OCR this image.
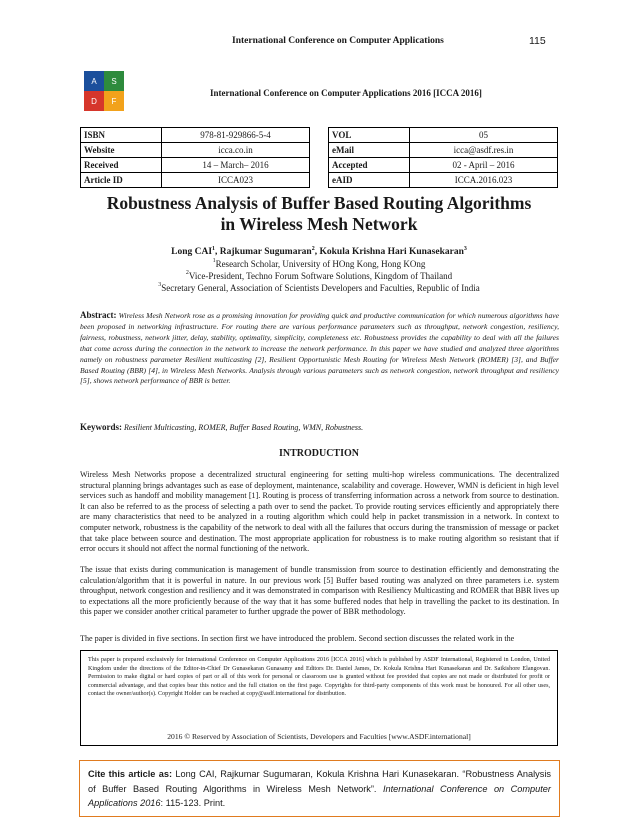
International Conference on Computer Applications	115
A	S
D	F
International Conference on Computer Applications 2016 [ICCA 2016]
ISBN	978-81-929866-5-4
Website	icca.co.in
Received	14 – March– 2016
Article ID	ICCA023
VOL	05
eMail	icca@asdf.res.in
Accepted	02 - April – 2016
eAID	ICCA.2016.023
Robustness Analysis of Buffer Based Routing Algorithms
in Wireless Mesh Network
Long CAI$^1$, Rajkumar Sugumaran$^2$, Kokula Krishna Hari Kunasekaran$^3$
$^1$Research Scholar, University of HOng Kong, Hong KOng
$^2$Vice-President, Techno Forum Software Solutions, Kingdom of Thailand
$^3$Secretary General, Association of Scientists Developers and Faculties, Republic of India
Abstract: Wireless Mesh Network rose as a promising innovation for providing quick and productive communication for which numerous algorithms have been proposed in networking infrastructure. For routing there are various performance parameters such as throughput, network congestion, resiliency, fairness, robustness, network jitter, delay, stability, optimality, simplicity, completeness etc. Robustness provides the capability to deal with all the failures that come across during the connection in the network to increase the network performance. In this paper we have studied and analyzed three algorithms namely on robustness parameter Resilient multicasting [2], Resilient Opportunistic Mesh Routing for Wireless Mesh Network (ROMER) [3], and Buffer Based Routing (BBR) [4], in Wireless Mesh Networks. Analysis through various parameters such as network congestion, network throughput and resiliency [5], shows network performance of BBR is better.
Keywords: Resilient Multicasting, ROMER, Buffer Based Routing, WMN, Robustness.
INTRODUCTION
Wireless Mesh Networks propose a decentralized structural engineering for setting multi-hop wireless communications. The decentralized structural planning brings advantages such as ease of deployment, maintenance, scalability and coverage. However, WMN is deficient in high level services such as handoff and mobility management [1]. Routing is process of transferring information across a network from source to destination. It can also be referred to as the process of selecting a path over to send the packet. To provide routing services efficiently and appropriately there are many characteristics that need to be analyzed in a routing algorithm which could help in packet transmission in a network. In context to computer network, robustness is the capability of the network to deal with all the failures that occurs during the transmission of message or packet that take place between source and destination. The most appropriate application for robustness is to make routing algorithm so resistant that if error occurs it should not affect the normal functioning of the network.
The issue that exists during communication is management of bundle transmission from source to destination efficiently and demonstrating the calculation/algorithm that it is powerful in nature. In our previous work [5] Buffer based routing was analyzed on three parameters i.e. system throughput, network congestion and resiliency and it was demonstrated in comparison with Resiliency Multicasting and ROMER that BBR lives up to expectations all the more proficiently because of the way that it has some buffered nodes that help in travelling the packet to its destination. In this paper we consider another critical parameter to further upgrade the power of BBR methodology.
The paper is divided in five sections. In section first we have introduced the problem. Second section discusses the related work in the
This paper is prepared exclusively for International Conference on Computer Applications 2016 [ICCA 2016] which is published by ASDF International, Registered in London, United Kingdom under the directions of the Editor-in-Chief Dr Gunasekaran Gunasamy and Editors Dr. Daniel James, Dr. Kokula Krishna Hari Kunasekaran and Dr. Saikishore Elangovan. Permission to make digital or hard copies of part or all of this work for personal or classroom use is granted without fee provided that copies are not made or distributed for profit or commercial advantage, and that copies bear this notice and the full citation on the first page. Copyrights for third-party components of this work must be honoured. For all other uses, contact the owner/author(s). Copyright Holder can be reached at copy@asdf.international for distribution.
2016 © Reserved by Association of Scientists, Developers and Faculties [www.ASDF.international]
Cite this article as: Long CAI, Rajkumar Sugumaran, Kokula Krishna Hari Kunasekaran. “Robustness Analysis of Buffer Based Routing Algorithms in Wireless Mesh Network”. International Conference on Computer Applications 2016: 115-123. Print.
